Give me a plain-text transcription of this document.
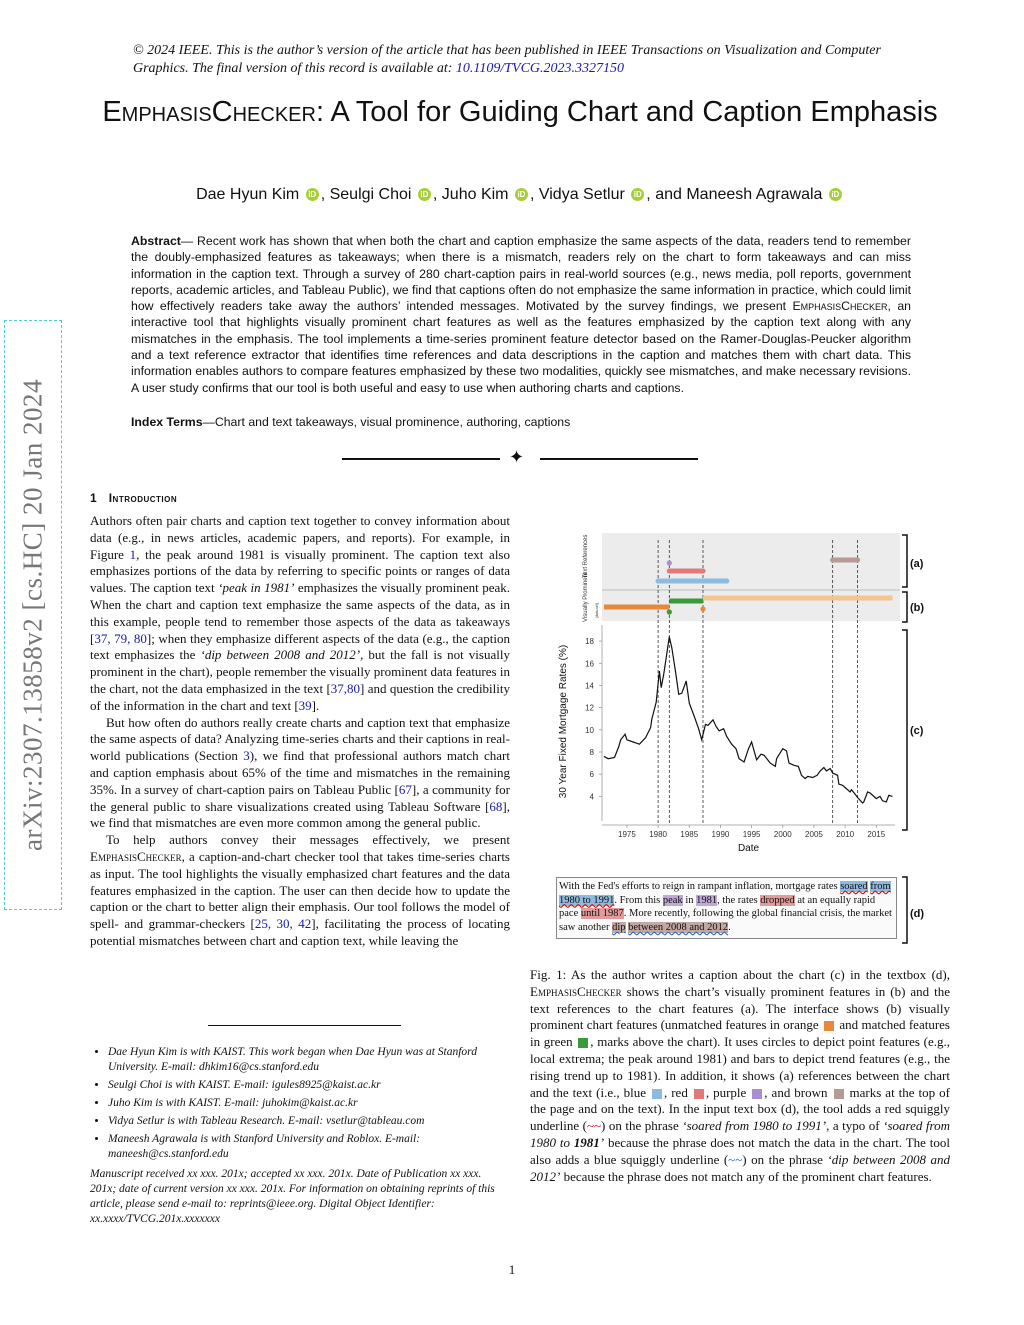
© 2024 IEEE. This is the author’s version of the article that has been published in IEEE Transactions on Visualization and Computer Graphics. The final version of this record is available at: 10.1109/TVCG.2023.3327150
EmphasisChecker: A Tool for Guiding Chart and Caption Emphasis
Dae Hyun Kim iD , Seulgi Choi iD , Juho Kim iD , Vidya Setlur iD , and Maneesh Agrawala iD
Abstract— Recent work has shown that when both the chart and caption emphasize the same aspects of the data, readers tend to remember the doubly-emphasized features as takeaways; when there is a mismatch, readers rely on the chart to form takeaways and can miss information in the caption text. Through a survey of 280 chart-caption pairs in real-world sources (e.g., news media, poll reports, government reports, academic articles, and Tableau Public), we find that captions often do not emphasize the same information in practice, which could limit how effectively readers take away the authors’ intended messages. Motivated by the survey findings, we present EmphasisChecker, an interactive tool that highlights visually prominent chart features as well as the features emphasized by the caption text along with any mismatches in the emphasis. The tool implements a time-series prominent feature detector based on the Ramer-Douglas-Peucker algorithm and a text reference extractor that identifies time references and data descriptions in the caption and matches them with chart data. This information enables authors to compare features emphasized by these two modalities, quickly see mismatches, and make necessary revisions. A user study confirms that our tool is both useful and easy to use when authoring charts and captions.
Index Terms—Chart and text takeaways, visual prominence, authoring, captions
✦
arXiv:2307.13858v2 [cs.HC] 20 Jan 2024	1 Introduction

Authors often pair charts and caption text together to convey information about data (e.g., in news articles, academic papers, and reports). For example, in Figure 1, the peak around 1981 is visually prominent. The caption text also emphasizes portions of the data by referring to specific points or ranges of data values. The caption text ‘peak in 1981’ emphasizes the visually prominent peak. When the chart and caption text emphasize the same aspects of the data, as in this example, people tend to remember those aspects of the data as takeaways [37, 79, 80]; when they emphasize different aspects of the data (e.g., the caption text emphasizes the ‘dip between 2008 and 2012’, but the fall is not visually prominent in the chart), people remember the visually prominent data features in the chart, not the data emphasized in the text [37,80] and question the credibility of the information in the chart and text [39].

But how often do authors really create charts and caption text that emphasize the same aspects of data? Analyzing time-series charts and their captions in real-world publications (Section 3), we find that professional authors match chart and caption emphasis about 65% of the time and mismatches in the remaining 35%. In a survey of chart-caption pairs on Tableau Public [67], a community for the general public to share visualizations created using Tableau Software [68], we find that mismatches are even more common among the general public.

To help authors convey their messages effectively, we present EmphasisChecker, a caption-and-chart checker tool that takes time-series charts as input. The tool highlights the visually emphasized chart features and the data features emphasized in the caption. The user can then decide how to update the caption or the chart to better align their emphasis. Our tool follows the model of spell- and grammar-checkers [25, 30, 42], facilitating the process of locating potential mismatches between chart and caption text, while leaving the

• Dae Hyun Kim is with KAIST. This work began when Dae Hyun was at Stanford University. E-mail: dhkim16@cs.stanford.edu
• Seulgi Choi is with KAIST. E-mail: igules8925@kaist.ac.kr
• Juho Kim is with KAIST. E-mail: juhokim@kaist.ac.kr
• Vidya Setlur is with Tableau Research. E-mail: vsetlur@tableau.com
• Maneesh Agrawala is with Stanford University and Roblox. E-mail: maneesh@cs.stanford.edu
Manuscript received xx xxx. 201x; accepted xx xxx. 201x. Date of Publication xx xxx. 201x; date of current version xx xxx. 201x. For information on obtaining reprints of this article, please send e-mail to: reprints@ieee.org. Digital Object Identifier: xx.xxxx/TVCG.201x.xxxxxxx
Text References
Visually Prominent [data-set]
4
6
8
10
12
14
16
18
1975 1980 1985 1990 1995 2000 2005 2010 2015
Date
30 Year Fixed Mortgage Rates (%)
(a)
(b)
(c)
(d)
With the Fed's efforts to reign in rampant inflation, mortgage rates soared from 1980 to 1991. From this peak in 1981, the rates dropped at an equally rapid pace until 1987. More recently, following the global financial crisis, the market saw another dip between 2008 and 2012.
Fig. 1: As the author writes a caption about the chart (c) in the textbox (d), EmphasisChecker shows the chart’s visually prominent features in (b) and the text references to the chart features (a). The interface shows (b) visually prominent chart features (unmatched features in orange  and matched features in green , marks above the chart). It uses circles to depict point features (e.g., local extrema; the peak around 1981) and bars to depict trend features (e.g., the rising trend up to 1981). In addition, it shows (a) references between the chart and the text (i.e., blue , red , purple , and brown  marks at the top of the page and on the text). In the input text box (d), the tool adds a red squiggly underline (~~) on the phrase ‘soared from 1980 to 1991’, a typo of ‘soared from 1980 to 1981’ because the phrase does not match the data in the chart. The tool also adds a blue squiggly underline (~~) on the phrase ‘dip between 2008 and 2012’ because the phrase does not match any of the prominent chart features.
1
